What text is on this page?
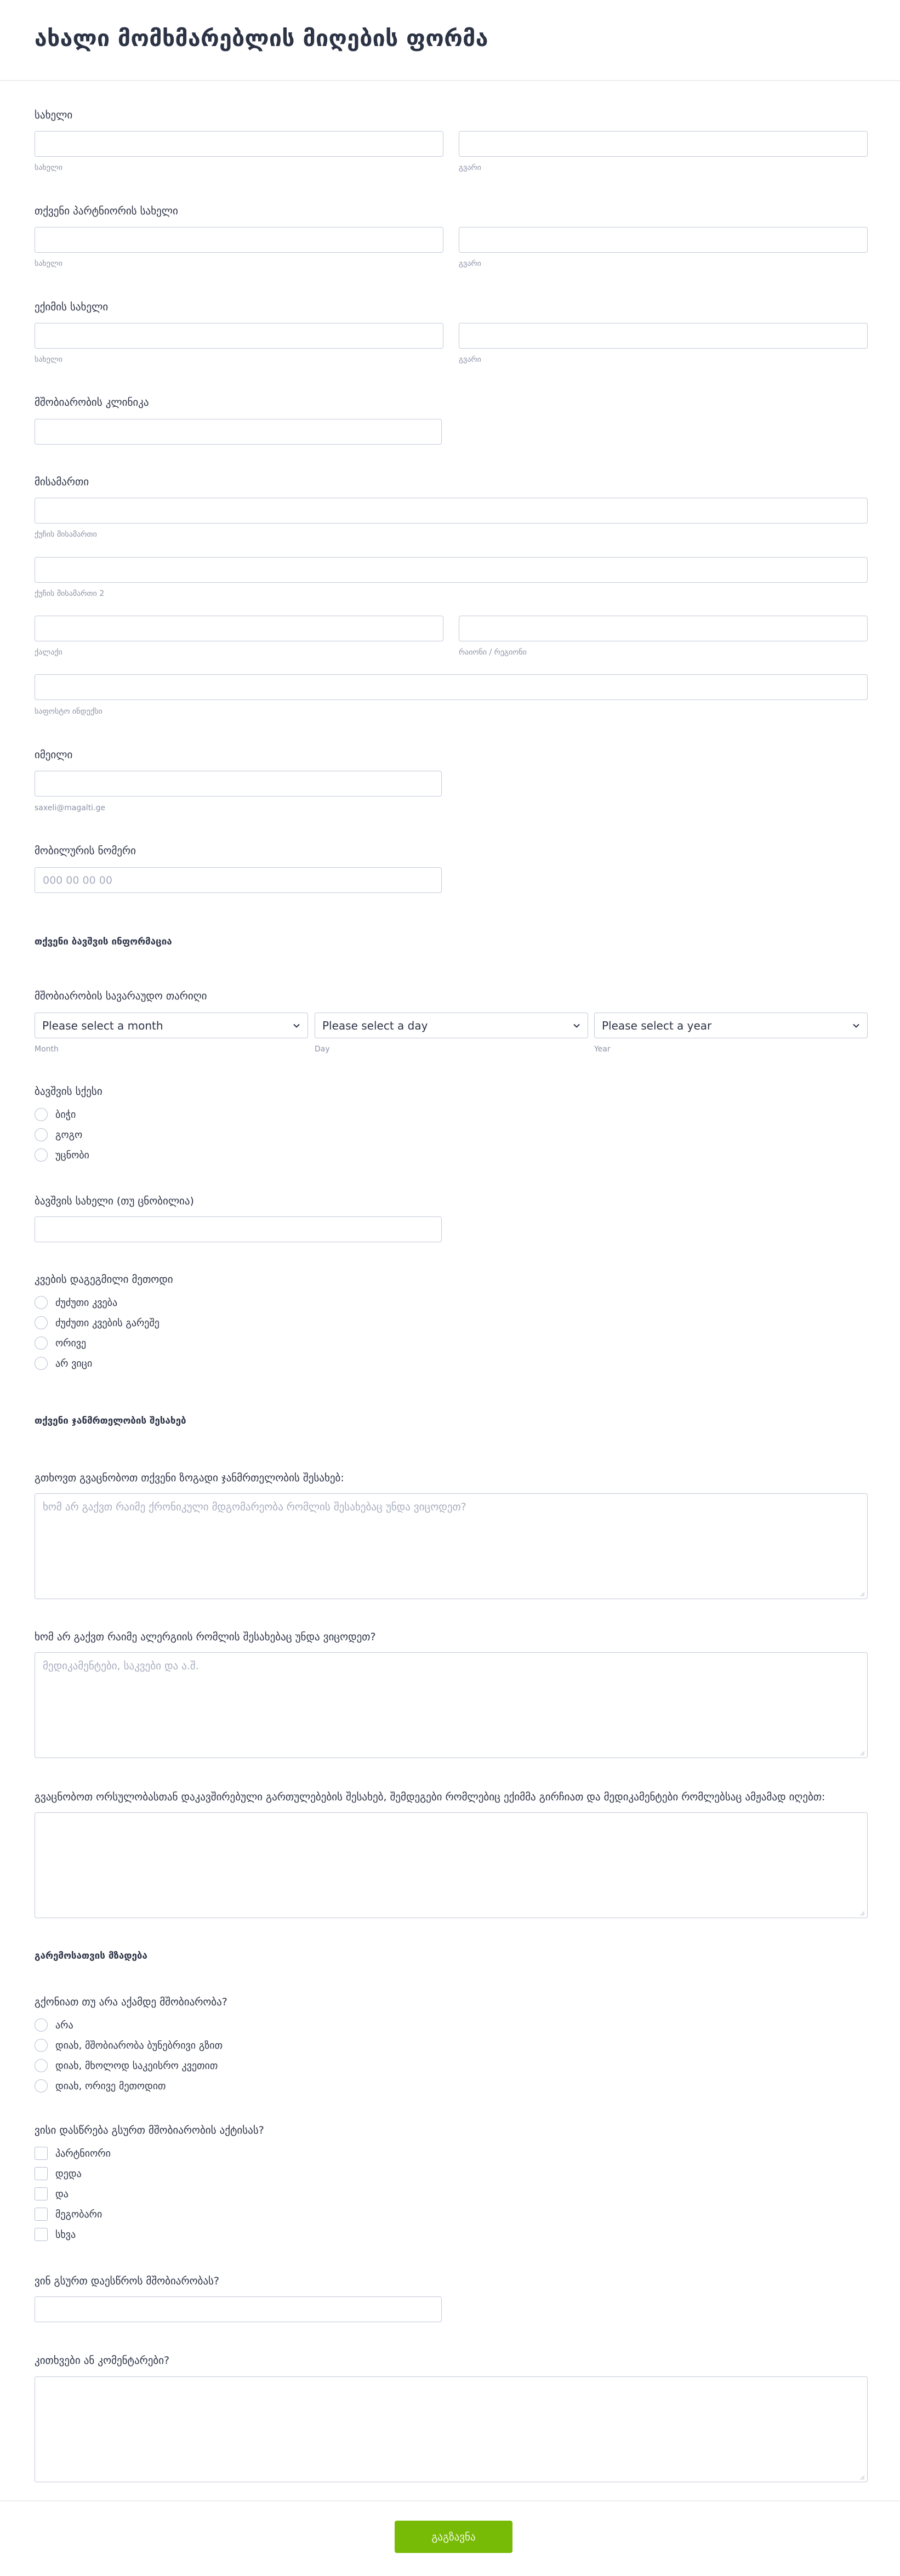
ახალი მომხმარებლის მიღების ფორმა
სახელი
სახელი	გვარი
თქვენი პარტნიორის სახელი
სახელი	გვარი
ექიმის სახელი
სახელი	გვარი
მშობიარობის კლინიკა
მისამართი
ქუჩის მისამართი
ქუჩის მისამართი 2
ქალაქი	რაიონი / რეგიონი
საფოსტო ინდექსი
იმეილი
saxeli@magalti.ge
მობილურის ნომერი
000 00 00 00
თქვენი ბავშვის ინფორმაცია
მშობიარობის სავარაუდო თარიღი
Please select a month	Please select a day	Please select a year
Month	Day	Year
ბავშვის სქესი
ბიჭი
გოგო
უცნობი
ბავშვის სახელი (თუ ცნობილია)
კვების დაგეგმილი მეთოდი
ძუძუთი კვება
ძუძუთი კვების გარეშე
ორივე
არ ვიცი
თქვენი ჯანმრთელობის შესახებ
გთხოვთ გვაცნობოთ თქვენი ზოგადი ჯანმრთელობის შესახებ:
ხომ არ გაქვთ რაიმე ქრონიკული მდგომარეობა რომლის შესახებაც უნდა ვიცოდეთ?
ხომ არ გაქვთ რაიმე ალერგიის რომლის შესახებაც უნდა ვიცოდეთ?
მედიკამენტები, საკვები და ა.შ.
გვაცნობოთ ორსულობასთან დაკავშირებული გართულებების შესახებ, შემდეგები რომლებიც ექიმმა გირჩიათ და მედიკამენტები რომლებსაც ამჟამად იღებთ:
გარემოსათვის მზადება
გქონიათ თუ არა აქამდე მშობიარობა?
არა
დიახ, მშობიარობა ბუნებრივი გზით
დიახ, მხოლოდ საკეისრო კვეთით
დიახ, ორივე მეთოდით
ვისი დასწრება გსურთ მშობიარობის აქტისას?
პარტნიორი
დედა
და
მეგობარი
სხვა
ვინ გსურთ დაესწროს მშობიარობას?
კითხვები ან კომენტარები?
გაგზავნა
